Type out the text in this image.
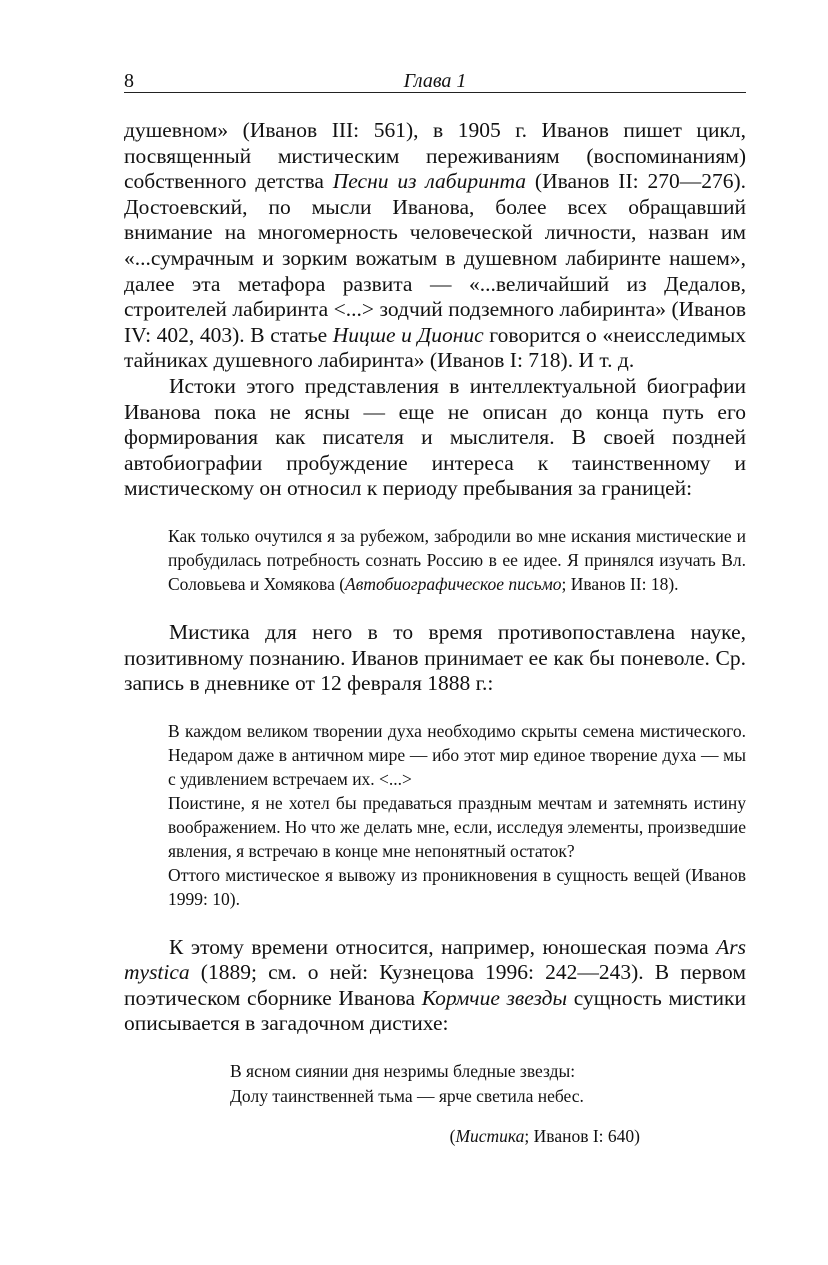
8	Глава 1

душевном» (Иванов III: 561), в 1905 г. Иванов пишет цикл, посвященный мистическим переживаниям (воспоминаниям) собственного детства Песни из лабиринта (Иванов II: 270—276). Достоевский, по мысли Иванова, более всех обращавший внимание на многомерность человеческой личности, назван им «...сумрачным и зорким вожатым в душевном лабиринте нашем», далее эта метафора развита — «...величайший из Дедалов, строителей лабиринта <...> зодчий подземного лабиринта» (Иванов IV: 402, 403). В статье Ницше и Дионис говорится о «неисследимых тайниках душевного лабиринта» (Иванов I: 718). И т. д.

Истоки этого представления в интеллектуальной биографии Иванова пока не ясны — еще не описан до конца путь его формирования как писателя и мыслителя. В своей поздней автобиографии пробуждение интереса к таинственному и мистическому он относил к периоду пребывания за границей:

Как только очутился я за рубежом, забродили во мне искания мистические и пробудилась потребность сознать Россию в ее идее. Я принялся изучать Вл. Соловьева и Хомякова (Автобиографическое письмо; Иванов II: 18).

Мистика для него в то время противопоставлена науке, позитивному познанию. Иванов принимает ее как бы поневоле. Ср. запись в дневнике от 12 февраля 1888 г.:

В каждом великом творении духа необходимо скрыты семена мистического. Недаром даже в античном мире — ибо этот мир единое творение духа — мы с удивлением встречаем их. <...>

Поистине, я не хотел бы предаваться праздным мечтам и затемнять истину воображением. Но что же делать мне, если, исследуя элементы, произведшие явления, я встречаю в конце мне непонятный остаток?

Оттого мистическое я вывожу из проникновения в сущность вещей (Иванов 1999: 10).

К этому времени относится, например, юношеская поэма Ars mystica (1889; см. о ней: Кузнецова 1996: 242—243). В первом поэтическом сборнике Иванова Кормчие звезды сущность мистики описывается в загадочном дистихе:

В ясном сиянии дня незримы бледные звезды:

Долу таинственней тьма — ярче светила небес.

(Мистика; Иванов I: 640)
